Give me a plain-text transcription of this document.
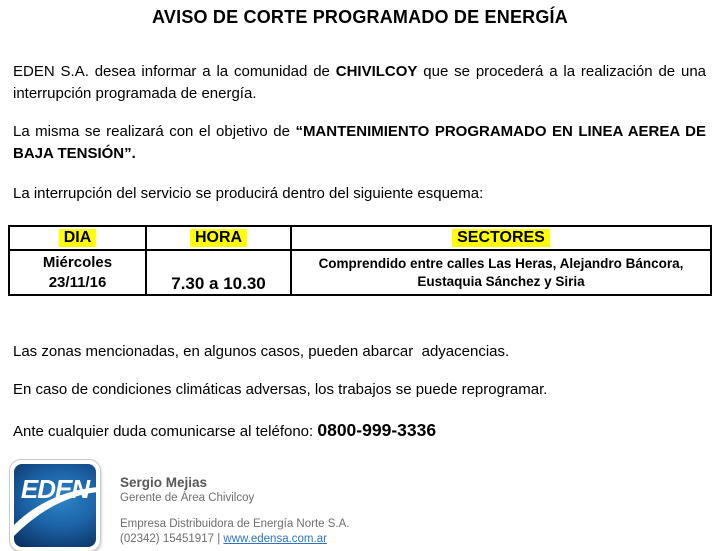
AVISO DE CORTE PROGRAMADO DE ENERGÍA

EDEN S.A. desea informar a la comunidad de CHIVILCOY que se procederá a la realización de una interrupción programada de energía.

La misma se realizará con el objetivo de “MANTENIMIENTO PROGRAMADO EN LINEA AEREA DE BAJA TENSIÓN”.

La interrupción del servicio se producirá dentro del siguiente esquema:

DIA	HORA	SECTORES

Miércoles
23/11/16	7.30 a 10.30	Comprendido entre calles Las Heras, Alejandro Báncora, Eustaquia Sánchez y Siria

Las zonas mencionadas, en algunos casos, pueden abarcar  adyacencias.

En caso de condiciones climáticas adversas, los trabajos se puede reprogramar.

Ante cualquier duda comunicarse al teléfono: 0800-999-3336

EDEN	Sergio Mejias
Gerente de Área Chivilcoy
Empresa Distribuidora de Energía Norte S.A.
(02342) 15451917 | www.edensa.com.ar
